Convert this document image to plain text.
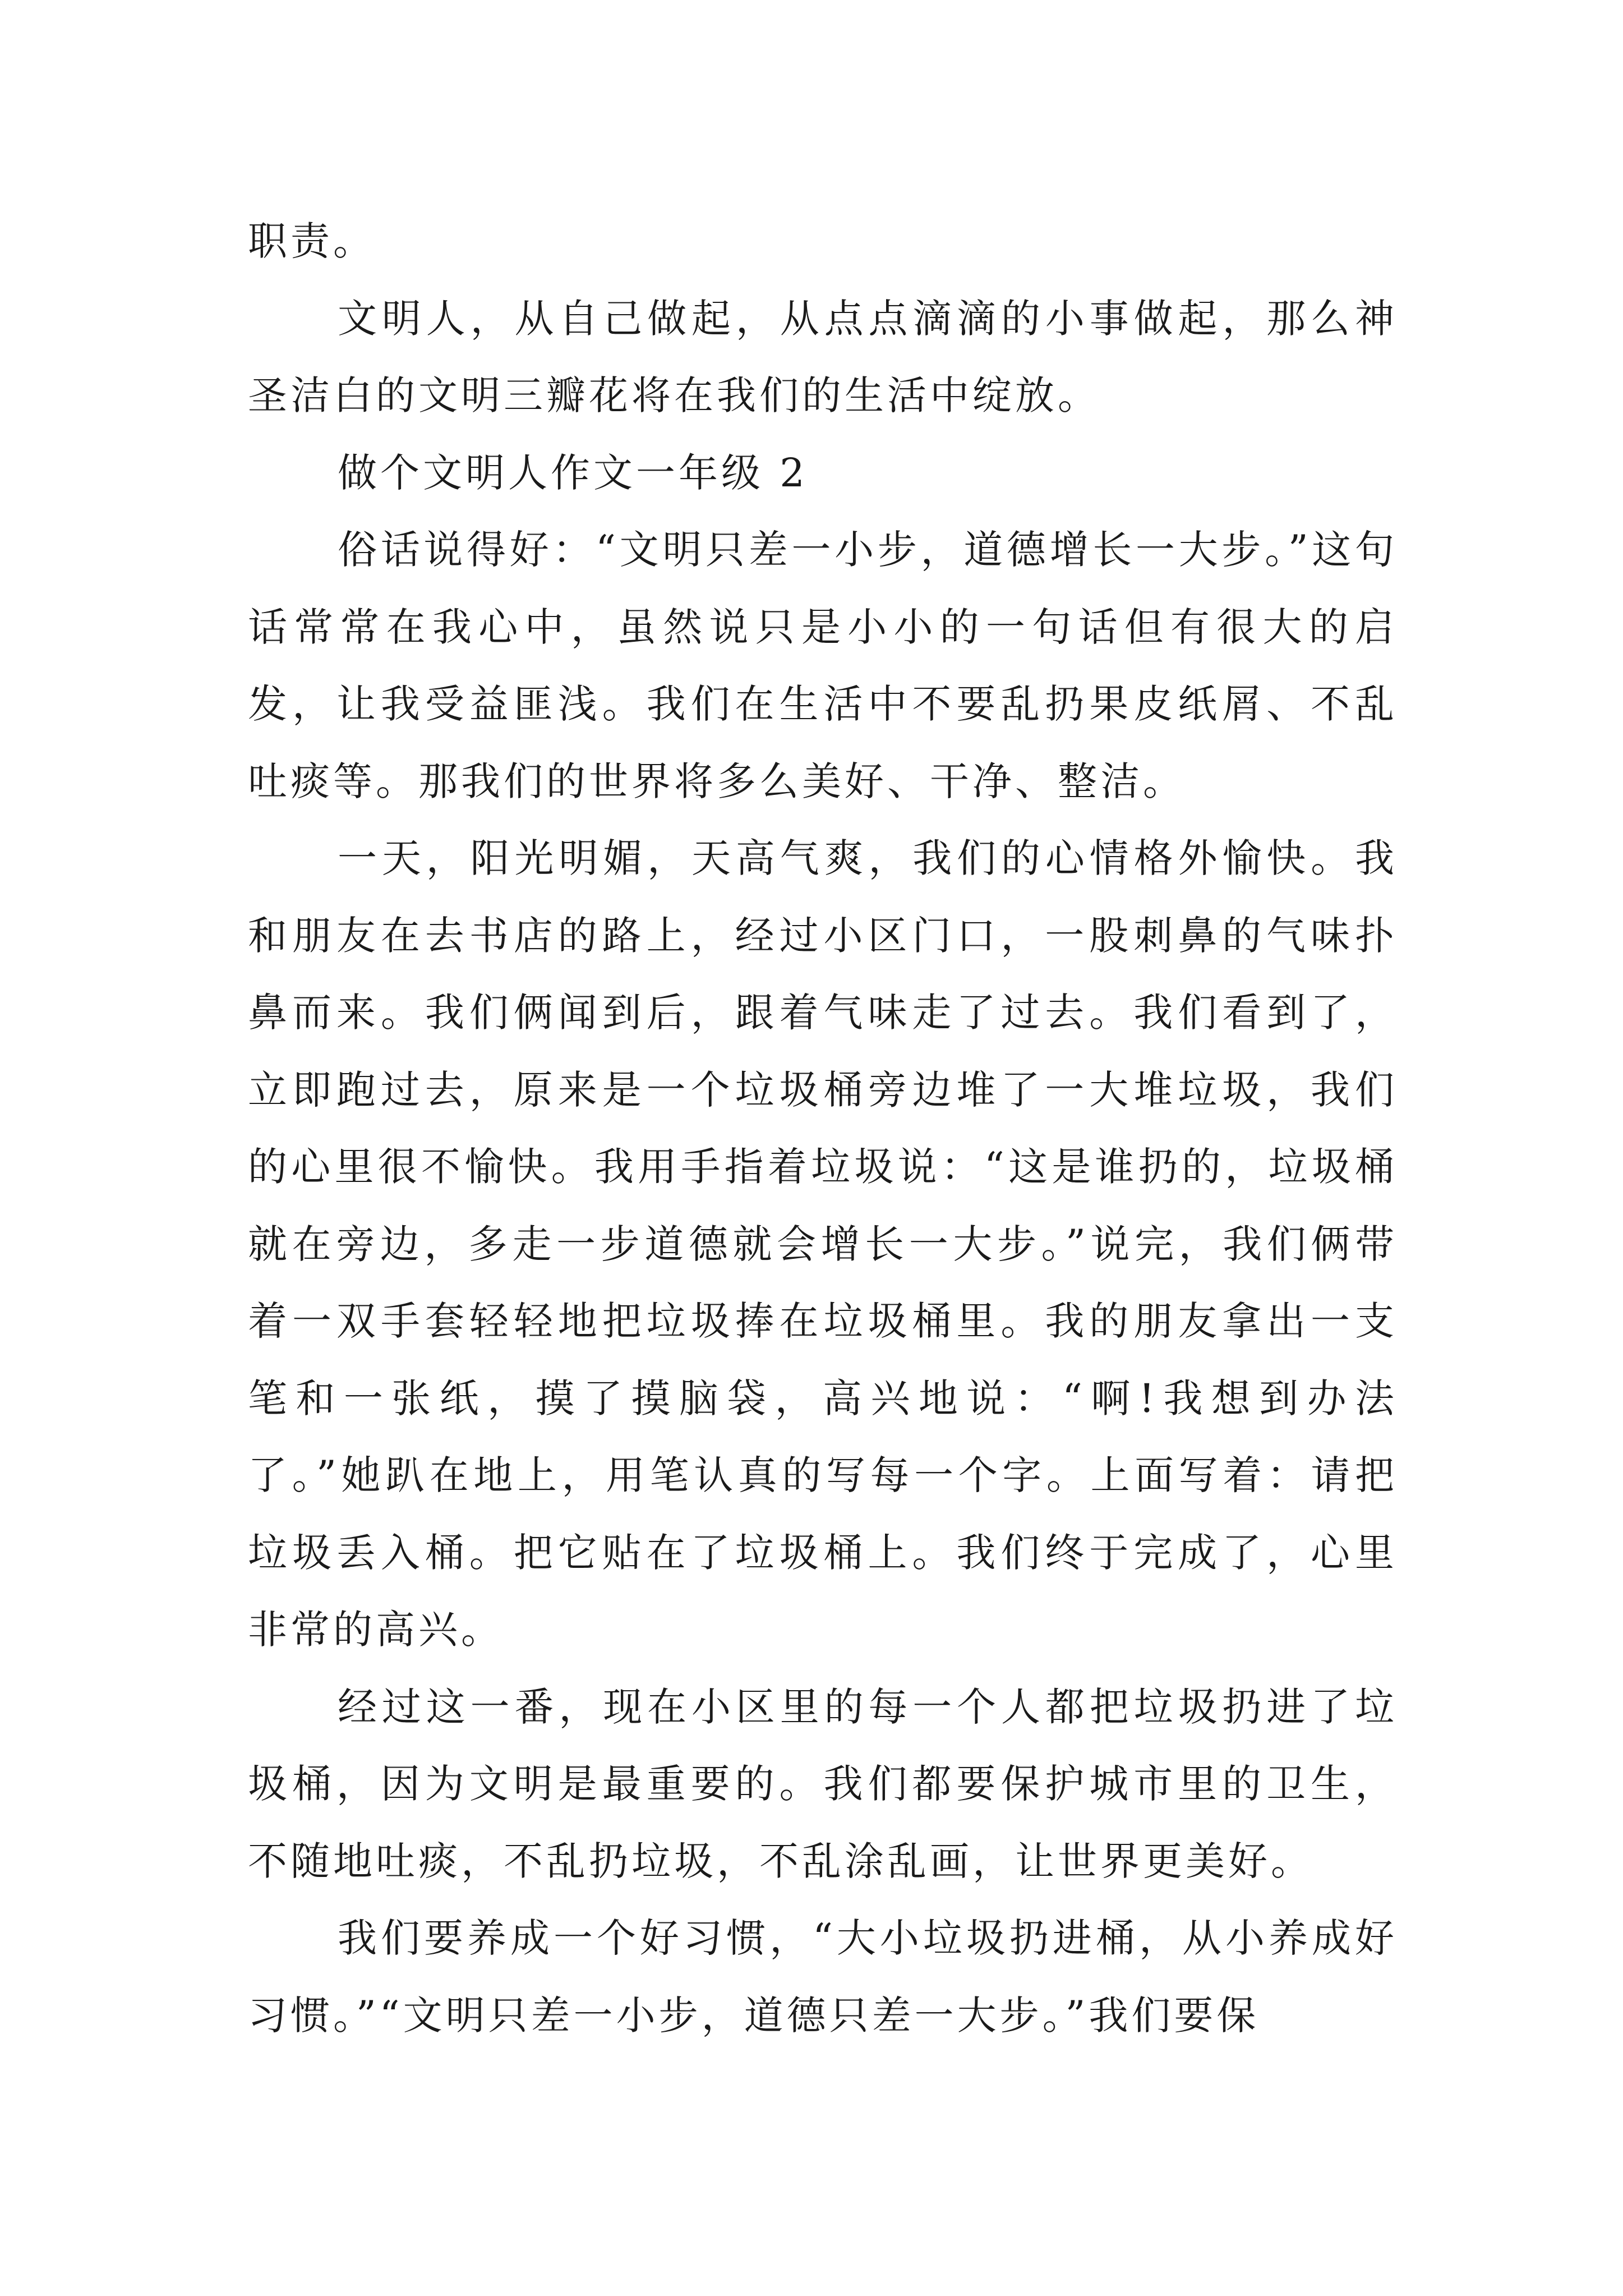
职责。

文明人，从自己做起，从点点滴滴的小事做起，那么神圣洁白的文明三瓣花将在我们的生活中绽放。

做个文明人作文一年级 2

俗话说得好：“文明只差一小步，道德增长一大步。”这句话常常在我心中，虽然说只是小小的一句话但有很大的启发，让我受益匪浅。我们在生活中不要乱扔果皮纸屑、不乱吐痰等。那我们的世界将多么美好、干净、整洁。

一天，阳光明媚，天高气爽，我们的心情格外愉快。我和朋友在去书店的路上，经过小区门口，一股刺鼻的气味扑鼻而来。我们俩闻到后，跟着气味走了过去。我们看到了，立即跑过去，原来是一个垃圾桶旁边堆了一大堆垃圾，我们的心里很不愉快。我用手指着垃圾说：“这是谁扔的，垃圾桶就在旁边，多走一步道德就会增长一大步。”说完，我们俩带着一双手套轻轻地把垃圾捧在垃圾桶里。我的朋友拿出一支笔和一张纸，摸了摸脑袋，高兴地说：“啊!我想到办法了。”她趴在地上，用笔认真的写每一个字。上面写着：请把垃圾丢入桶。把它贴在了垃圾桶上。我们终于完成了，心里非常的高兴。

经过这一番，现在小区里的每一个人都把垃圾扔进了垃圾桶，因为文明是最重要的。我们都要保护城市里的卫生，不随地吐痰，不乱扔垃圾，不乱涂乱画，让世界更美好。

我们要养成一个好习惯，“大小垃圾扔进桶，从小养成好习惯。”“文明只差一小步，道德只差一大步。”我们要保
